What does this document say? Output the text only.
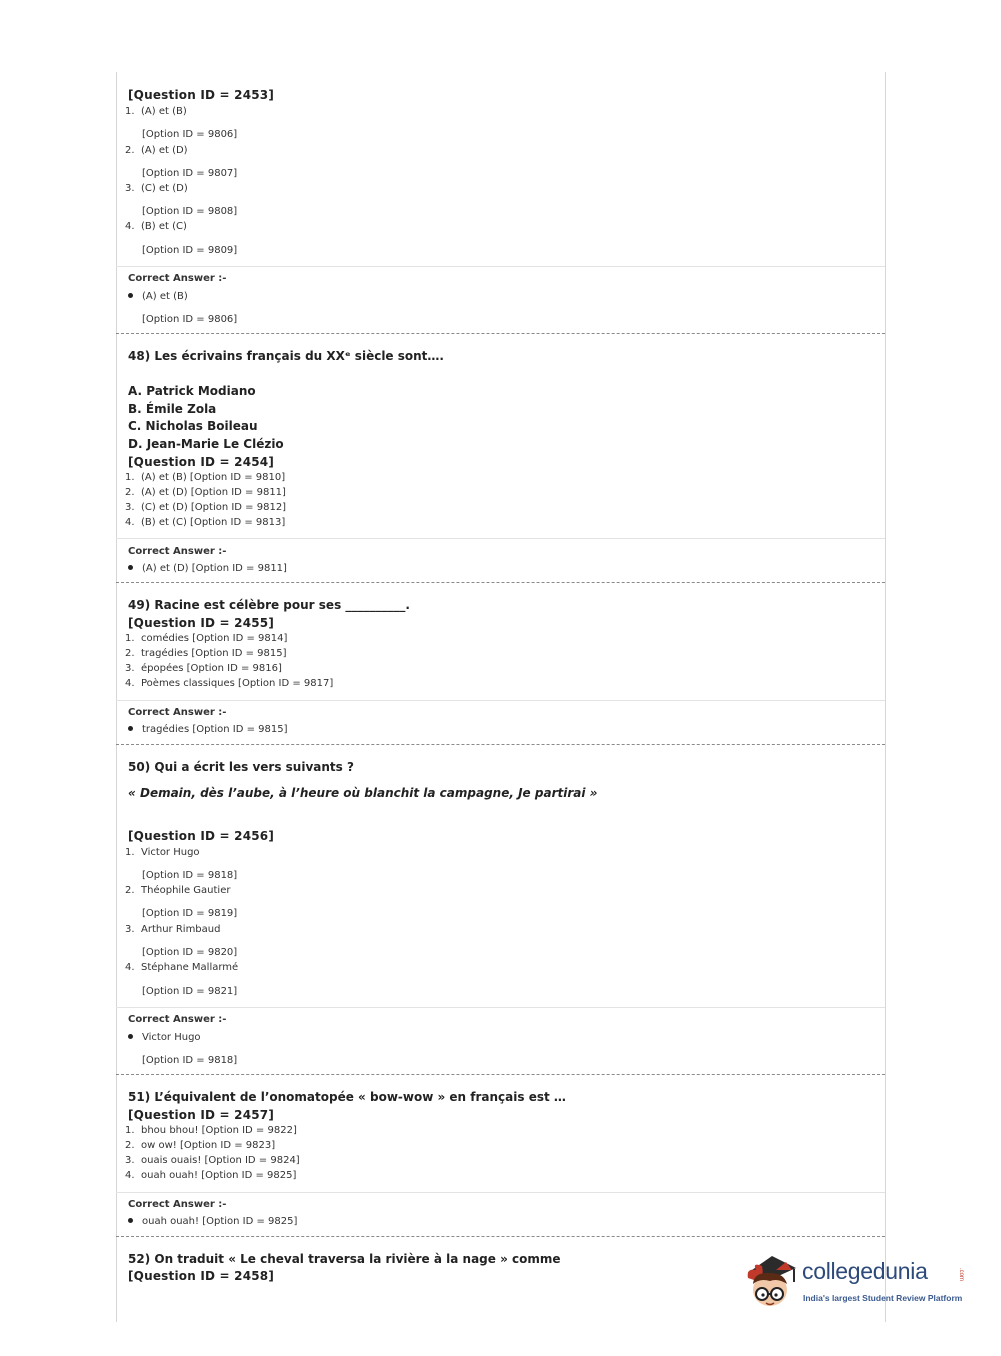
[Question ID = 2453]
1. (A) et (B)
[Option ID = 9806]
2. (A) et (D)
[Option ID = 9807]
3. (C) et (D)
[Option ID = 9808]
4. (B) et (C)
[Option ID = 9809]
Correct Answer :-
(A) et (B)
[Option ID = 9806]
48) Les écrivains français du XXᵉ siècle sont….
A. Patrick Modiano
B. Émile Zola
C. Nicholas Boileau
D. Jean-Marie Le Clézio
[Question ID = 2454]
1. (A) et (B) [Option ID = 9810]
2. (A) et (D) [Option ID = 9811]
3. (C) et (D) [Option ID = 9812]
4. (B) et (C) [Option ID = 9813]
Correct Answer :-
(A) et (D) [Option ID = 9811]
49) Racine est célèbre pour ses __________.
[Question ID = 2455]
1. comédies [Option ID = 9814]
2. tragédies [Option ID = 9815]
3. épopées [Option ID = 9816]
4. Poèmes classiques [Option ID = 9817]
Correct Answer :-
tragédies [Option ID = 9815]
50) Qui a écrit les vers suivants ?
« Demain, dès l’aube, à l’heure où blanchit la campagne, Je partirai »
[Question ID = 2456]
1. Victor Hugo
[Option ID = 9818]
2. Théophile Gautier
[Option ID = 9819]
3. Arthur Rimbaud
[Option ID = 9820]
4. Stéphane Mallarmé
[Option ID = 9821]
Correct Answer :-
Victor Hugo
[Option ID = 9818]
51) L’équivalent de l’onomatopée « bow-wow » en français est …
[Question ID = 2457]
1. bhou bhou! [Option ID = 9822]
2. ow ow! [Option ID = 9823]
3. ouais ouais! [Option ID = 9824]
4. ouah ouah! [Option ID = 9825]
Correct Answer :-
ouah ouah! [Option ID = 9825]
52) On traduit « Le cheval traversa la rivière à la nage » comme
[Question ID = 2458]	collegedunia	.com
India's largest Student Review Platform
